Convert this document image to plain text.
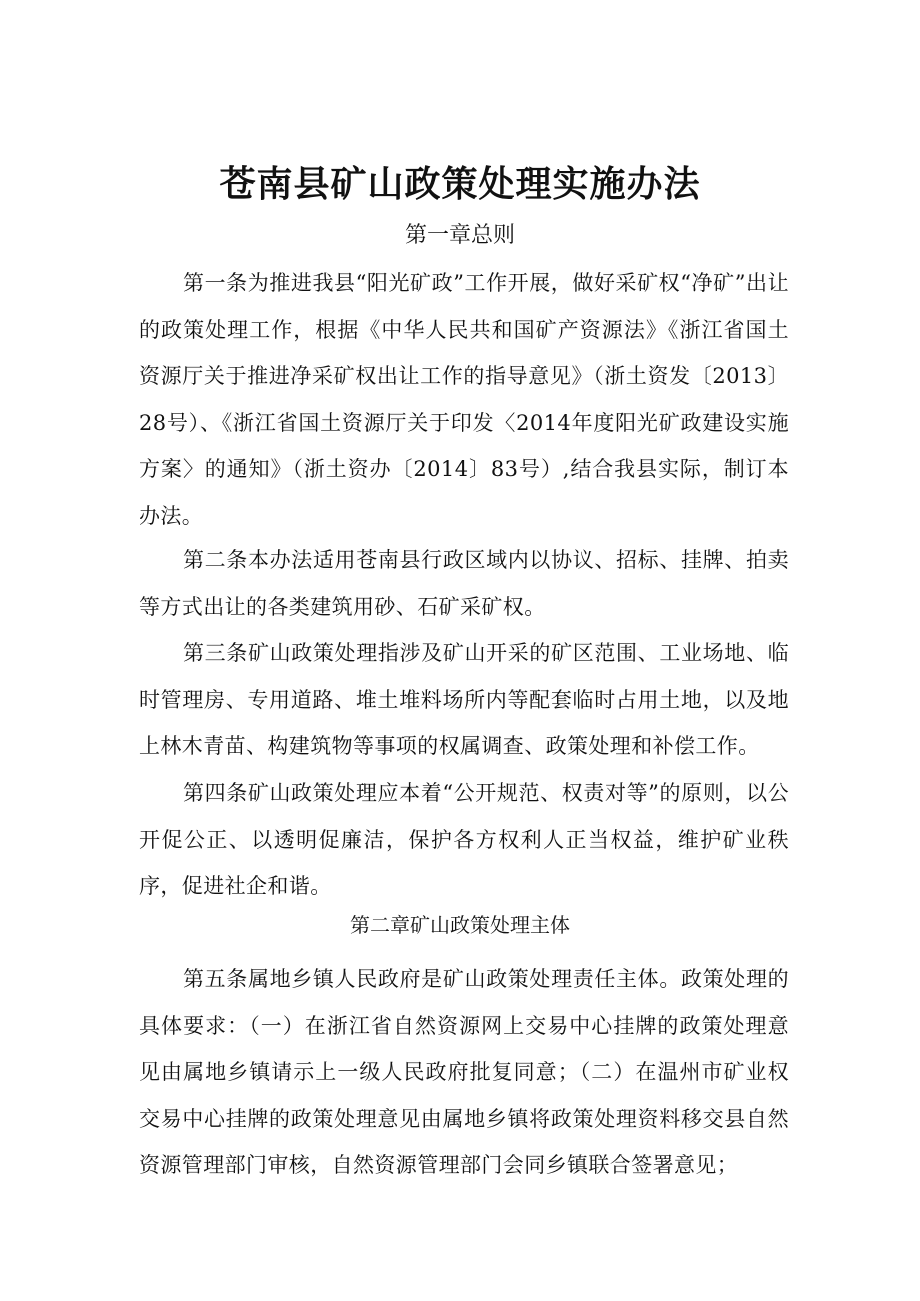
苍南县矿山政策处理实施办法

第一章总则

第一条为推进我县“阳光矿政”工作开展，做好采矿权“净矿”出让的政策处理工作，根据《中华人民共和国矿产资源法》《浙江省国土资源厅关于推进净采矿权出让工作的指导意见》（浙土资发〔2013〕28号）、《浙江省国土资源厅关于印发〈2014年度阳光矿政建设实施方案〉的通知》（浙土资办〔2014〕83号）,结合我县实际，制订本办法。

第二条本办法适用苍南县行政区域内以协议、招标、挂牌、拍卖等方式出让的各类建筑用砂、石矿采矿权。

第三条矿山政策处理指涉及矿山开采的矿区范围、工业场地、临时管理房、专用道路、堆土堆料场所内等配套临时占用土地，以及地上林木青苗、构建筑物等事项的权属调查、政策处理和补偿工作。

第四条矿山政策处理应本着“公开规范、权责对等”的原则，以公开促公正、以透明促廉洁，保护各方权利人正当权益，维护矿业秩序，促进社企和谐。

第二章矿山政策处理主体

第五条属地乡镇人民政府是矿山政策处理责任主体。政策处理的具体要求：（一）在浙江省自然资源网上交易中心挂牌的政策处理意见由属地乡镇请示上一级人民政府批复同意；（二）在温州市矿业权交易中心挂牌的政策处理意见由属地乡镇将政策处理资料移交县自然资源管理部门审核，自然资源管理部门会同乡镇联合签署意见；
